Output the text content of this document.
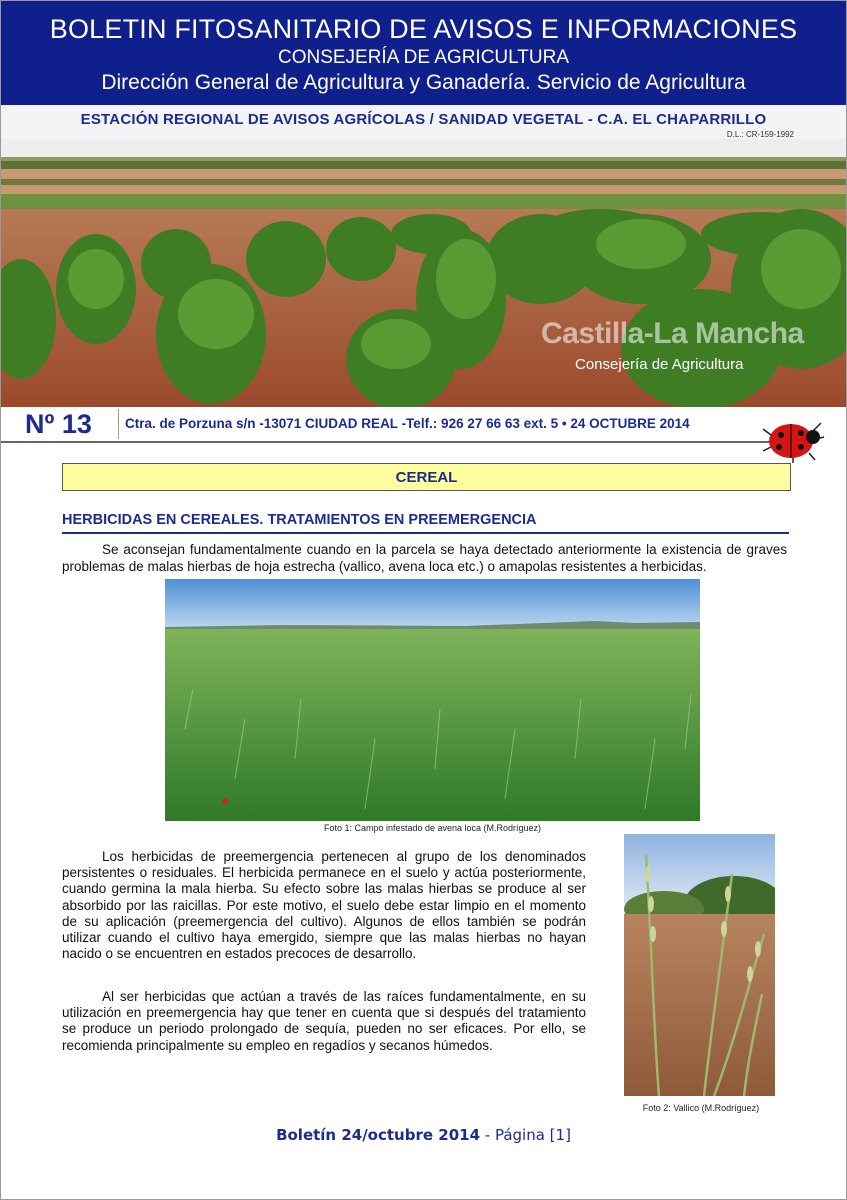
BOLETIN FITOSANITARIO DE AVISOS E INFORMACIONES
CONSEJERÍA DE AGRICULTURA
Dirección General de Agricultura y Ganadería. Servicio de Agricultura
ESTACIÓN REGIONAL DE AVISOS AGRÍCOLAS / SANIDAD VEGETAL - C.A. EL CHAPARRILLO
D.L.: CR-159-1992
Castilla-La Mancha
Consejería de Agricultura
Nº 13 Ctra. de Porzuna s/n -13071 CIUDAD REAL -Telf.: 926 27 66 63 ext. 5 • 24 OCTUBRE 2014
CEREAL
HERBICIDAS EN CEREALES. TRATAMIENTOS EN PREEMERGENCIA

Se aconsejan fundamentalmente cuando en la parcela se haya detectado anteriormente la existencia de graves problemas de malas hierbas de hoja estrecha (vallico, avena loca etc.) o amapolas resistentes a herbicidas.

Foto 1: Campo infestado de avena loca (M.Rodríguez)

Los herbicidas de preemergencia pertenecen al grupo de los denominados persistentes o residuales. El herbicida permanece en el suelo y actúa posteriormente, cuando germina la mala hierba. Su efecto sobre las malas hierbas se produce al ser absorbido por las raicillas. Por este motivo, el suelo debe estar limpio en el momento de su aplicación (preemergencia del cultivo). Algunos de ellos también se podrán utilizar cuando el cultivo haya emergido, siempre que las malas hierbas no hayan nacido o se encuentren en estados precoces de desarrollo.

Al ser herbicidas que actúan a través de las raíces fundamentalmente, en su utilización en preemergencia hay que tener en cuenta que si después del tratamiento se produce un periodo prolongado de sequía, pueden no ser eficaces. Por ello, se recomienda principalmente su empleo en regadíos y secanos húmedos.

Foto 2: Vallico (M.Rodríguez)
Boletín 24/octubre 2014 - Página [1]
